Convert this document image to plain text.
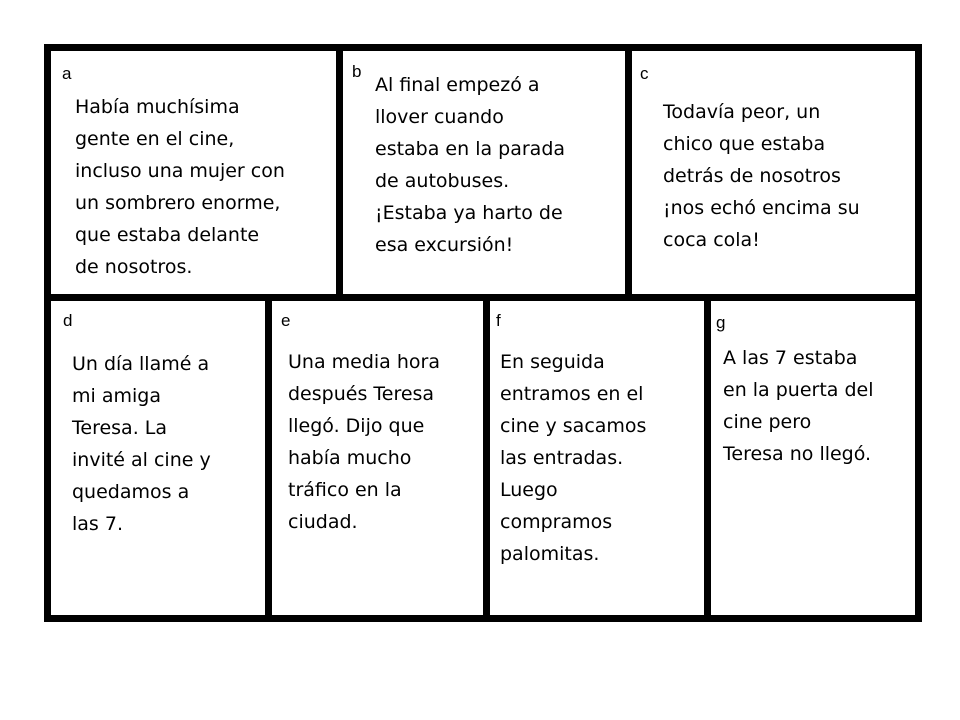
a

Había muchísima
gente en el cine,
incluso una mujer con
un sombrero enorme,
que estaba delante
de nosotros.

b

Al final empezó a
llover cuando
estaba en la parada
de autobuses.
¡Estaba ya harto de
esa excursión!

c

Todavía peor, un
chico que estaba
detrás de nosotros
¡nos echó encima su
coca cola!

d

Un día llamé a
mi amiga
Teresa. La
invité al cine y
quedamos a
las 7.

e

Una media hora
después Teresa
llegó. Dijo que
había mucho
tráfico en la
ciudad.

f

En seguida
entramos en el
cine y sacamos
las entradas.
Luego
compramos
palomitas.

g

A las 7 estaba
en la puerta del
cine pero
Teresa no llegó.
